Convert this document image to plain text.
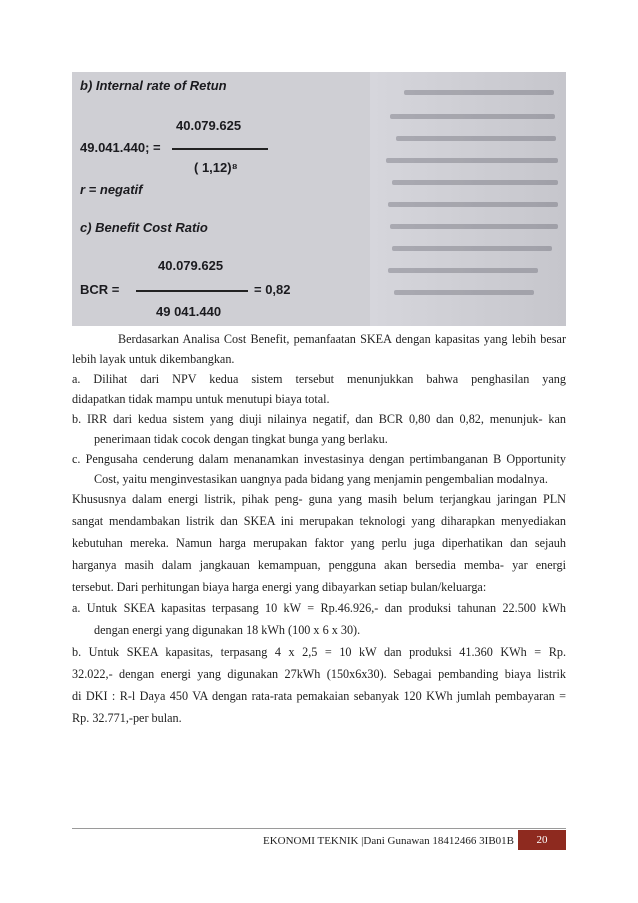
b) Internal rate of Retun
40.079.625
49.041.440; =
( 1,12)⁸
r = negatif
c) Benefit Cost Ratio
40.079.625
BCR =	= 0,82
49 041.440
Berdasarkan Analisa Cost Benefit, pemanfaatan SKEA dengan kapasitas yang lebih besar
lebih layak untuk dikembangkan.
a. Dilihat dari NPV kedua sistem tersebut menunjukkan bahwa penghasilan yang
didapatkan tidak mampu untuk menutupi biaya total.
b. IRR dari kedua sistem yang diuji nilainya negatif, dan BCR 0,80 dan 0,82, menunjuk- kan
penerimaan tidak cocok dengan tingkat bunga yang berlaku.
c. Pengusaha cenderung dalam menanamkan investasinya dengan pertimbanganan B Opportunity
Cost, yaitu menginvestasikan uangnya pada bidang yang menjamin pengembalian modalnya.
Khususnya dalam energi listrik, pihak peng- guna yang masih belum terjangkau jaringan PLN
sangat mendambakan listrik dan SKEA ini merupakan teknologi yang diharapkan menyediakan
kebutuhan mereka. Namun harga merupakan faktor yang perlu juga diperhatikan dan sejauh
harganya masih dalam jangkauan kemampuan, pengguna akan bersedia memba- yar energi
tersebut. Dari perhitungan biaya harga energi yang dibayarkan setiap bulan/keluarga:
a. Untuk SKEA kapasitas terpasang 10 kW = Rp.46.926,- dan produksi tahunan 22.500 kWh
dengan energi yang digunakan 18 kWh (100 x 6 x 30).
b. Untuk SKEA kapasitas, terpasang 4 x 2,5 = 10 kW dan produksi 41.360 KWh = Rp.
32.022,- dengan energi yang digunakan 27kWh (150x6x30). Sebagai pembanding biaya listrik
di DKI : R-l Daya 450 VA dengan rata-rata pemakaian sebanyak 120 KWh jumlah pembayaran =
Rp. 32.771,-per bulan.
EKONOMI TEKNIK |Dani Gunawan 18412466 3IB01B	20
